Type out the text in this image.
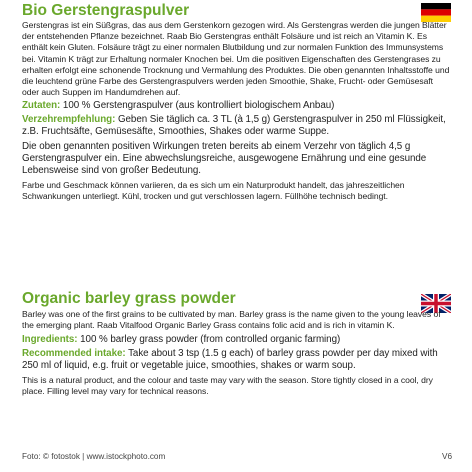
Bio Gerstengraspulver

Gerstengras ist ein Süßgras, das aus dem Gerstenkorn gezogen wird. Als Gerstengras werden die jungen Blätter der entstehenden Pflanze bezeichnet. Raab Bio Gerstengras enthält Folsäure und ist reich an Vitamin K. Es enthält kein Gluten. Folsäure trägt zu einer normalen Blutbildung und zur normalen Funktion des Immunsystems bei. Vitamin K trägt zur Erhaltung normaler Knochen bei. Um die positiven Eigenschaften des Gerstengrases zu erhalten erfolgt eine schonende Trocknung und Vermahlung des Produktes. Die oben genannten Inhaltsstoffe und die leuchtend grüne Farbe des Gerstengraspulvers werden jeden Smoothie, Shake, Frucht- oder Gemüsesaft oder auch Suppen im Handumdrehen auf.

Zutaten: 100 % Gerstengraspulver (aus kontrolliert biologischem Anbau)

Verzehrempfehlung: Geben Sie täglich ca. 3 TL (à 1,5 g) Gerstengraspulver in 250 ml Flüssigkeit, z.B. Fruchtsäfte, Gemüsesäfte, Smoothies, Shakes oder warme Suppe.

Die oben genannten positiven Wirkungen treten bereits ab einem Verzehr von täglich 4,5 g Gerstengraspulver ein. Eine abwechslungsreiche, ausgewogene Ernährung und eine gesunde Lebensweise sind von großer Bedeutung.

Farbe und Geschmack können variieren, da es sich um ein Naturprodukt handelt, das jahreszeitlichen Schwankungen unterliegt. Kühl, trocken und gut verschlossen lagern. Füllhöhe technisch bedingt.

Organic barley grass powder

Barley was one of the first grains to be cultivated by man. Barley grass is the name given to the young leaves of the emerging plant. Raab Vitalfood Organic Barley Grass contains folic acid and is rich in vitamin K.

Ingredients: 100 % barley grass powder (from controlled organic farming)

Recommended intake: Take about 3 tsp (1.5 g each) of barley grass powder per day mixed with 250 ml of liquid, e.g. fruit or vegetable juice, smoothies, shakes or warm soup.

This is a natural product, and the colour and taste may vary with the season. Store tightly closed in a cool, dry place. Filling level may vary for technical reasons.

Foto: © fotostok | www.istockphoto.com	V6
